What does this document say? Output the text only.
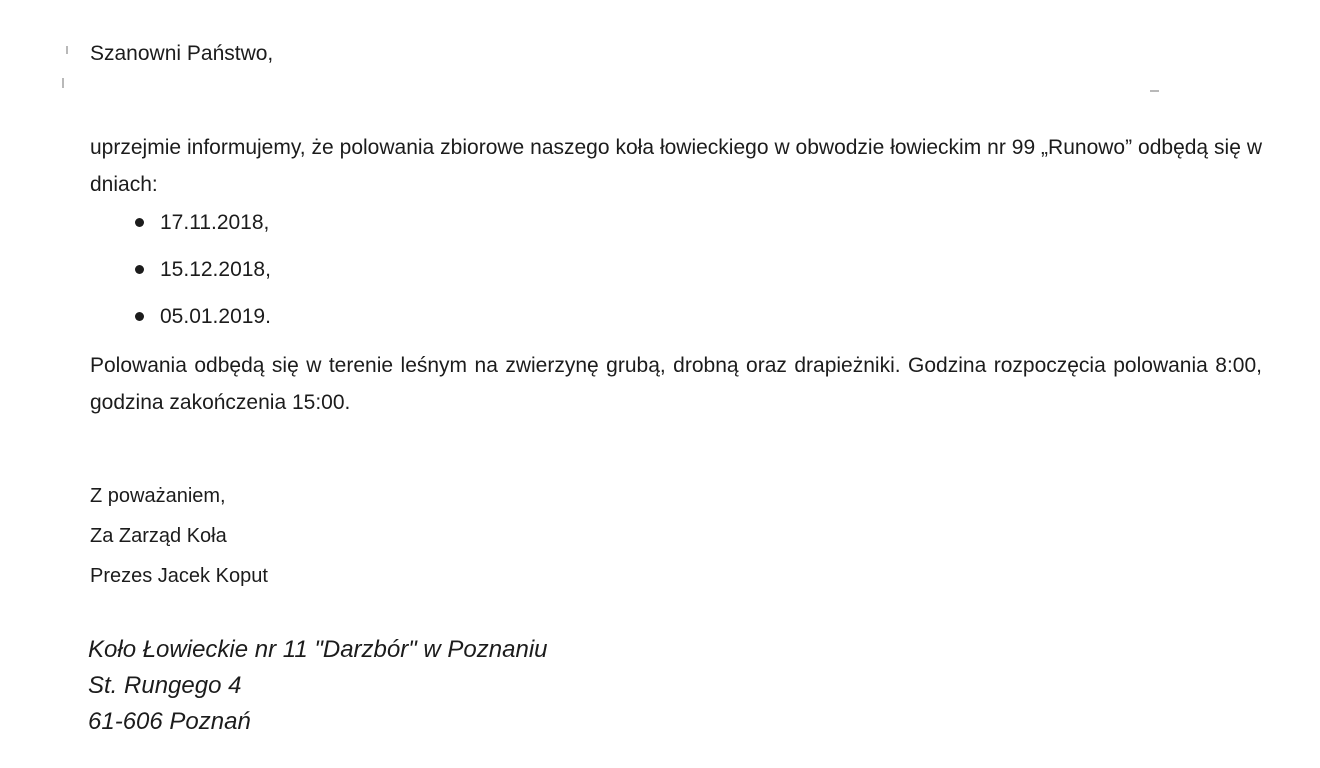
Szanowni Państwo,

uprzejmie informujemy, że polowania zbiorowe naszego koła łowieckiego w obwodzie łowieckim nr 99 „Runowo” odbędą się w dniach:

17.11.2018,
15.12.2018,
05.01.2019.

Polowania odbędą się w terenie leśnym na zwierzynę grubą, drobną oraz drapieżniki. Godzina rozpoczęcia polowania 8:00, godzina zakończenia 15:00.

Z poważaniem,
Za Zarząd Koła
Prezes Jacek Koput
Koło Łowieckie nr 11 "Darzbór" w Poznaniu
St. Rungego 4
61-606 Poznań
